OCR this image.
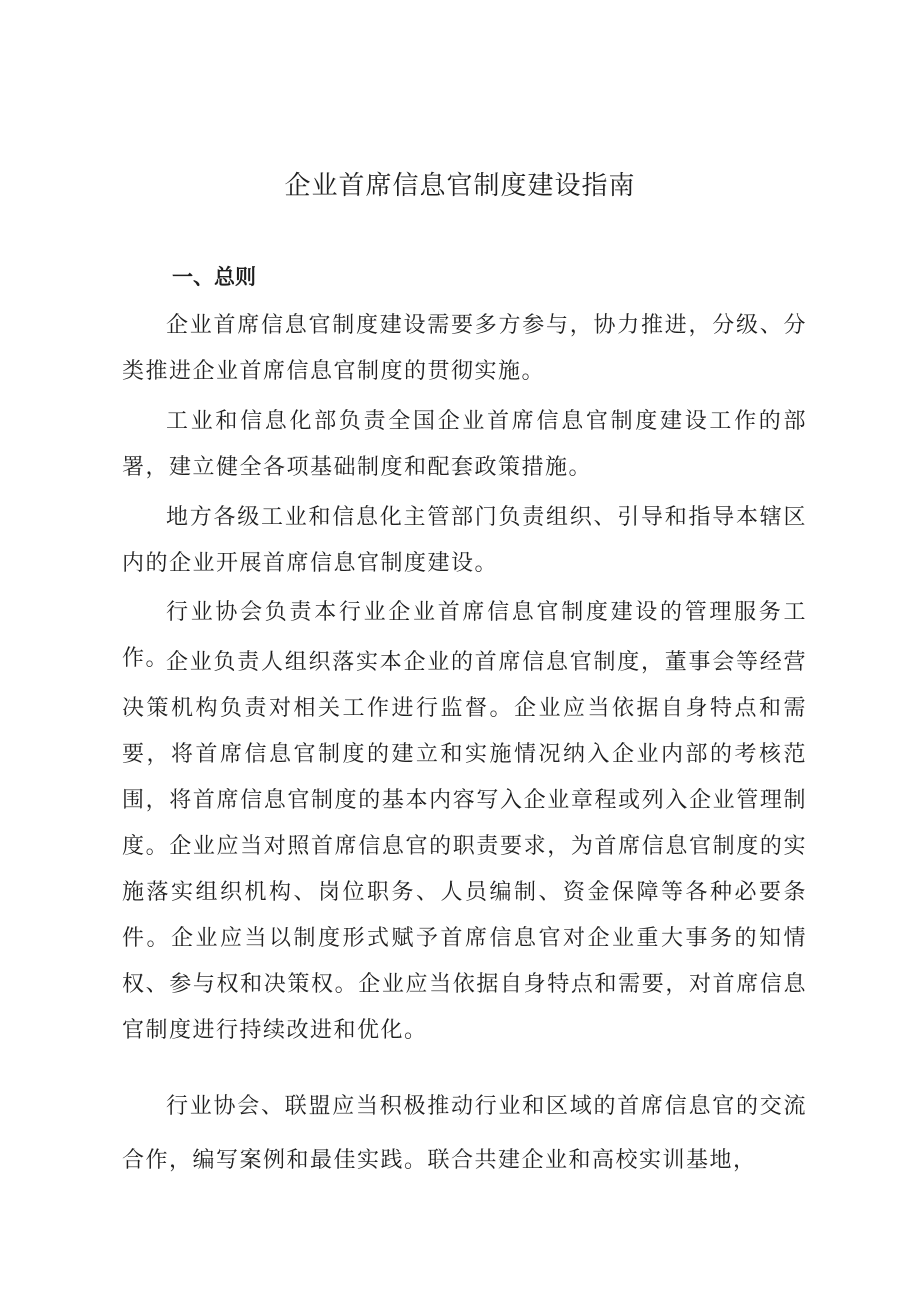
企业首席信息官制度建设指南
一、总则

企业首席信息官制度建设需要多方参与，协力推进，分级、分类推进企业首席信息官制度的贯彻实施。

工业和信息化部负责全国企业首席信息官制度建设工作的部署，建立健全各项基础制度和配套政策措施。

地方各级工业和信息化主管部门负责组织、引导和指导本辖区内的企业开展首席信息官制度建设。

行业协会负责本行业企业首席信息官制度建设的管理服务工作。

企业负责人组织落实本企业的首席信息官制度，董事会等经营决策机构负责对相关工作进行监督。企业应当依据自身特点和需要，将首席信息官制度的建立和实施情况纳入企业内部的考核范围，将首席信息官制度的基本内容写入企业章程或列入企业管理制度。企业应当对照首席信息官的职责要求，为首席信息官制度的实施落实组织机构、岗位职务、人员编制、资金保障等各种必要条件。企业应当以制度形式赋予首席信息官对企业重大事务的知情权、参与权和决策权。企业应当依据自身特点和需要，对首席信息官制度进行持续改进和优化。

行业协会、联盟应当积极推动行业和区域的首席信息官的交流合作，编写案例和最佳实践。联合共建企业和高校实训基地，
